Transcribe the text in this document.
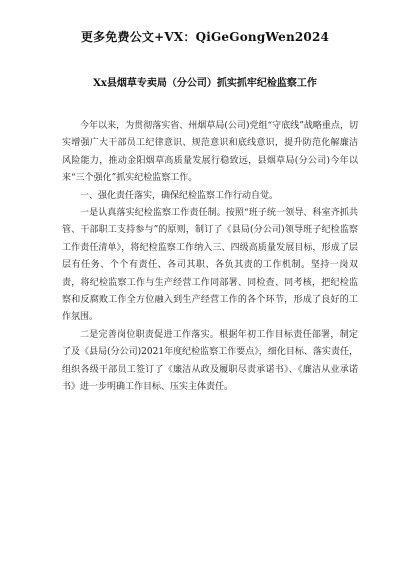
更多免费公文+VX：QiGeGongWen2024
Xx县烟草专卖局（分公司）抓实抓牢纪检监察工作

今年以来，为贯彻落实省、州烟草局(公司)党组“守底线”战略重点，切实增强广大干部员工纪律意识、规范意识和底线意识，提升防范化解廉洁风险能力，推动金阳烟草高质量发展行稳致远，县烟草局(分公司)今年以来“三个强化”抓实纪检监察工作。

一、强化责任落实，确保纪检监察工作行动自觉。

一是认真落实纪检监察工作责任制。按照“班子统一领导、科室齐抓共管、干部职工支持参与”的原则，制订了《县局(分公司)领导班子纪检监察工作责任清单》，将纪检监察工作纳入三、四级高质量发展目标，形成了层层有任务、个个有责任、各司其职、各负其责的工作机制。坚持一岗双责，将纪检监察工作与生产经营工作同部署、同检查、同考核，把纪检监察和反腐败工作全方位融入到生产经营工作的各个环节，形成了良好的工作氛围。

二是完善岗位职责促进工作落实。根据年初工作目标责任部署，制定了及《县局(分公司)2021年度纪检监察工作要点》，细化目标、落实责任，组织各级干部员工签订了《廉洁从政及履职尽责承诺书》、《廉洁从业承诺书》进一步明确工作目标、压实主体责任。
